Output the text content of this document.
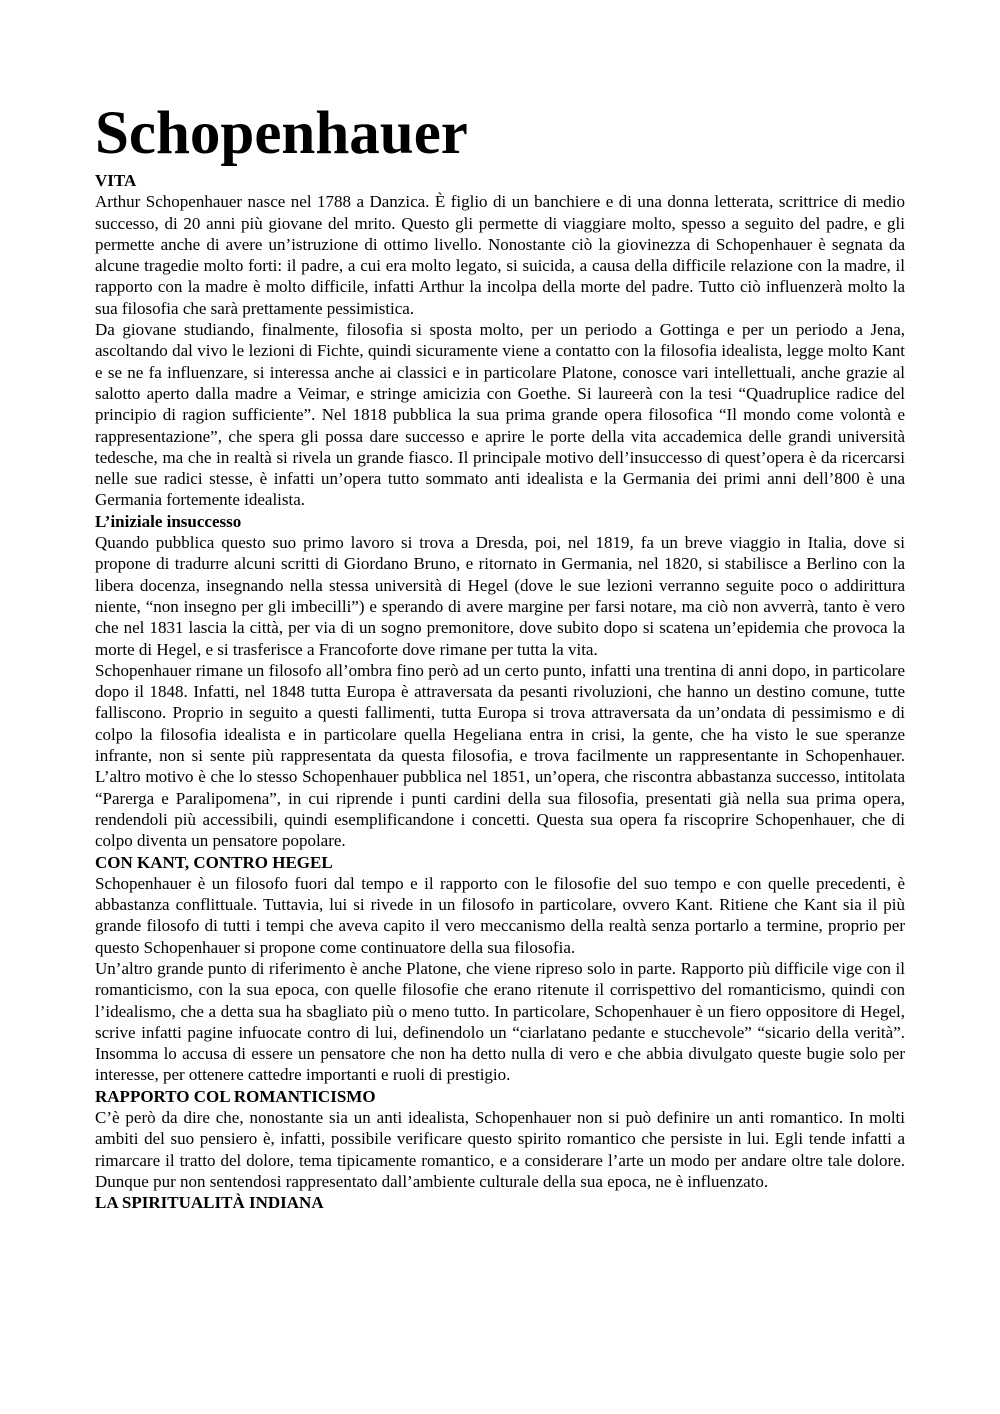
Schopenhauer
VITA

Arthur Schopenhauer nasce nel 1788 a Danzica. È figlio di un banchiere e di una donna letterata, scrittrice di medio successo, di 20 anni più giovane del mrito. Questo gli permette di viaggiare molto, spesso a seguito del padre, e gli permette anche di avere un’istruzione di ottimo livello. Nonostante ciò la giovinezza di Schopenhauer è segnata da alcune tragedie molto forti: il padre, a cui era molto legato, si suicida, a causa della difficile relazione con la madre, il rapporto con la madre è molto difficile, infatti Arthur la incolpa della morte del padre. Tutto ciò influenzerà molto la sua filosofia che sarà prettamente pessimistica.

Da giovane studiando, finalmente, filosofia si sposta molto, per un periodo a Gottinga e per un periodo a Jena, ascoltando dal vivo le lezioni di Fichte, quindi sicuramente viene a contatto con la filosofia idealista, legge molto Kant e se ne fa influenzare, si interessa anche ai classici e in particolare Platone, conosce vari intellettuali, anche grazie al salotto aperto dalla madre a Veimar, e stringe amicizia con Goethe. Si laureerà con la tesi “Quadruplice radice del principio di ragion sufficiente”. Nel 1818 pubblica la sua prima grande opera filosofica “Il mondo come volontà e rappresentazione”, che spera gli possa dare successo e aprire le porte della vita accademica delle grandi università tedesche, ma che in realtà si rivela un grande fiasco. Il principale motivo dell’insuccesso di quest’opera è da ricercarsi nelle sue radici stesse, è infatti un’opera tutto sommato anti idealista e la Germania dei primi anni dell’800 è una Germania fortemente idealista.

L’iniziale insuccesso

Quando pubblica questo suo primo lavoro si trova a Dresda, poi, nel 1819, fa un breve viaggio in Italia, dove si propone di tradurre alcuni scritti di Giordano Bruno, e ritornato in Germania, nel 1820, si stabilisce a Berlino con la libera docenza, insegnando nella stessa università di Hegel (dove le sue lezioni verranno seguite poco o addirittura niente, “non insegno per gli imbecilli”) e sperando di avere margine per farsi notare, ma ciò non avverrà, tanto è vero che nel 1831 lascia la città, per via di un sogno premonitore, dove subito dopo si scatena un’epidemia che provoca la morte di Hegel, e si trasferisce a Francoforte dove rimane per tutta la vita.

Schopenhauer rimane un filosofo all’ombra fino però ad un certo punto, infatti una trentina di anni dopo, in particolare dopo il 1848. Infatti, nel 1848 tutta Europa è attraversata da pesanti rivoluzioni, che hanno un destino comune, tutte falliscono. Proprio in seguito a questi fallimenti, tutta Europa si trova attraversata da un’ondata di pessimismo e di colpo la filosofia idealista e in particolare quella Hegeliana entra in crisi, la gente, che ha visto le sue speranze infrante, non si sente più rappresentata da questa filosofia, e trova facilmente un rappresentante in Schopenhauer. L’altro motivo è che lo stesso Schopenhauer pubblica nel 1851, un’opera, che riscontra abbastanza successo, intitolata “Parerga e Paralipomena”, in cui riprende i punti cardini della sua filosofia, presentati già nella sua prima opera, rendendoli più accessibili, quindi esemplificandone i concetti. Questa sua opera fa riscoprire Schopenhauer, che di colpo diventa un pensatore popolare.

CON KANT, CONTRO HEGEL

Schopenhauer è un filosofo fuori dal tempo e il rapporto con le filosofie del suo tempo e con quelle precedenti, è abbastanza conflittuale. Tuttavia, lui si rivede in un filosofo in particolare, ovvero Kant. Ritiene che Kant sia il più grande filosofo di tutti i tempi che aveva capito il vero meccanismo della realtà senza portarlo a termine, proprio per questo Schopenhauer si propone come continuatore della sua filosofia.

Un’altro grande punto di riferimento è anche Platone, che viene ripreso solo in parte. Rapporto più difficile vige con il romanticismo, con la sua epoca, con quelle filosofie che erano ritenute il corrispettivo del romanticismo, quindi con l’idealismo, che a detta sua ha sbagliato più o meno tutto. In particolare, Schopenhauer è un fiero oppositore di Hegel, scrive infatti pagine infuocate contro di lui, definendolo un “ciarlatano pedante e stucchevole” “sicario della verità”. Insomma lo accusa di essere un pensatore che non ha detto nulla di vero e che abbia divulgato queste bugie solo per interesse, per ottenere cattedre importanti e ruoli di prestigio.

RAPPORTO COL ROMANTICISMO

C’è però da dire che, nonostante sia un anti idealista, Schopenhauer non si può definire un anti romantico. In molti ambiti del suo pensiero è, infatti, possibile verificare questo spirito romantico che persiste in lui. Egli tende infatti a rimarcare il tratto del dolore, tema tipicamente romantico, e a considerare l’arte un modo per andare oltre tale dolore. Dunque pur non sentendosi rappresentato dall’ambiente culturale della sua epoca, ne è influenzato.

LA SPIRITUALITÀ INDIANA
